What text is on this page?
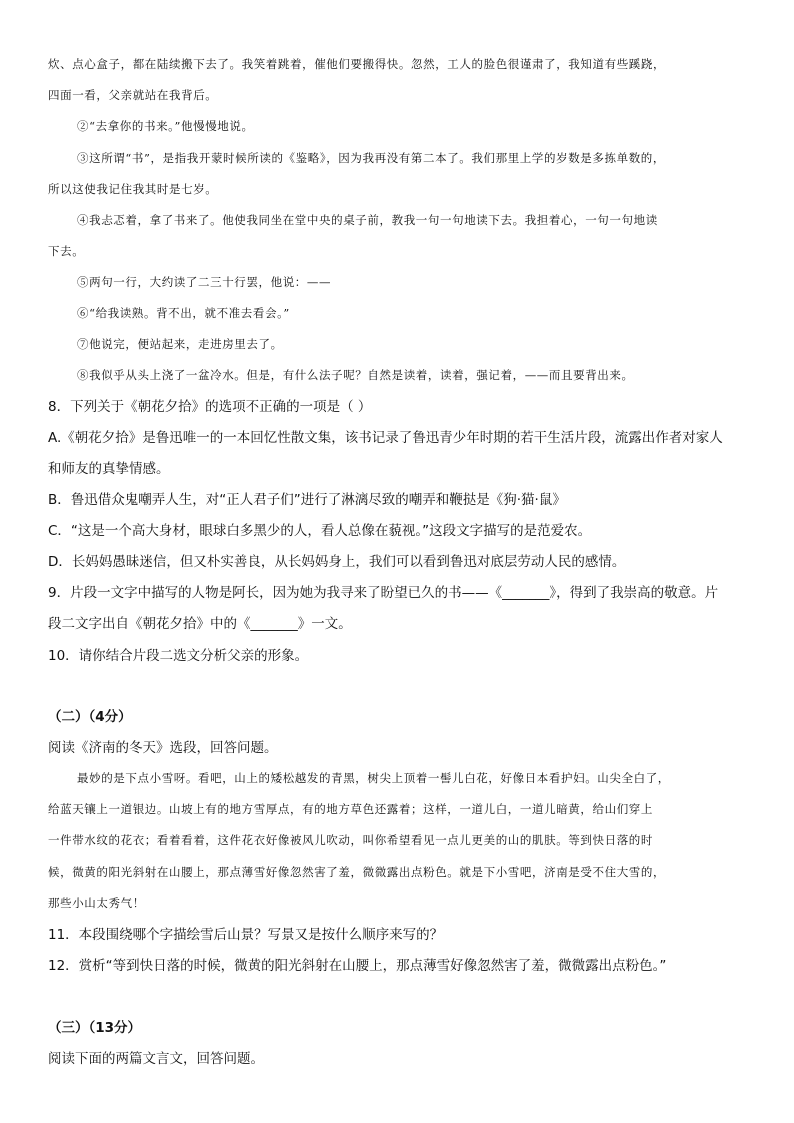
炊、点心盒子，都在陆续搬下去了。我笑着跳着，催他们要搬得快。忽然，工人的脸色很谨肃了，我知道有些蹊跷，
四面一看，父亲就站在我背后。
②“去拿你的书来。”他慢慢地说。
③这所谓“书”，是指我开蒙时候所读的《鉴略》，因为我再没有第二本了。我们那里上学的岁数是多拣单数的，
所以这使我记住我其时是七岁。
④我忐忑着，拿了书来了。他使我同坐在堂中央的桌子前，教我一句一句地读下去。我担着心，一句一句地读
下去。
⑤两句一行，大约读了二三十行罢，他说：——
⑥“给我读熟。背不出，就不准去看会。”
⑦他说完，便站起来，走进房里去了。
⑧我似乎从头上浇了一盆冷水。但是，有什么法子呢？自然是读着，读着，强记着，——而且要背出来。
8．下列关于《朝花夕拾》的选项不正确的一项是（ ）
A.《朝花夕拾》是鲁迅唯一的一本回忆性散文集，该书记录了鲁迅青少年时期的若干生活片段，流露出作者对家人
和师友的真挚情感。
B．鲁迅借众鬼嘲弄人生，对“正人君子们”进行了淋漓尽致的嘲弄和鞭挞是《狗·猫·鼠》
C．“这是一个高大身材，眼球白多黑少的人，看人总像在藐视。”这段文字描写的是范爱农。
D．长妈妈愚昧迷信，但又朴实善良，从长妈妈身上，我们可以看到鲁迅对底层劳动人民的感情。
9．片段一文字中描写的人物是阿长，因为她为我寻来了盼望已久的书——《_______》，得到了我崇高的敬意。片
段二文字出自《朝花夕拾》中的《_______》一文。
10．请你结合片段二选文分析父亲的形象。
（二）（4分）
阅读《济南的冬天》选段，回答问题。
最妙的是下点小雪呀。看吧，山上的矮松越发的青黑，树尖上顶着一髻儿白花，好像日本看护妇。山尖全白了，
给蓝天镶上一道银边。山坡上有的地方雪厚点，有的地方草色还露着；这样，一道儿白，一道儿暗黄，给山们穿上
一件带水纹的花衣；看着看着，这件花衣好像被风儿吹动，叫你希望看见一点儿更美的山的肌肤。等到快日落的时
候，微黄的阳光斜射在山腰上，那点薄雪好像忽然害了羞，微微露出点粉色。就是下小雪吧，济南是受不住大雪的，
那些小山太秀气！
11．本段围绕哪个字描绘雪后山景？写景又是按什么顺序来写的？
12．赏析“等到快日落的时候，微黄的阳光斜射在山腰上，那点薄雪好像忽然害了羞，微微露出点粉色。”
（三）（13分）
阅读下面的两篇文言文，回答问题。
